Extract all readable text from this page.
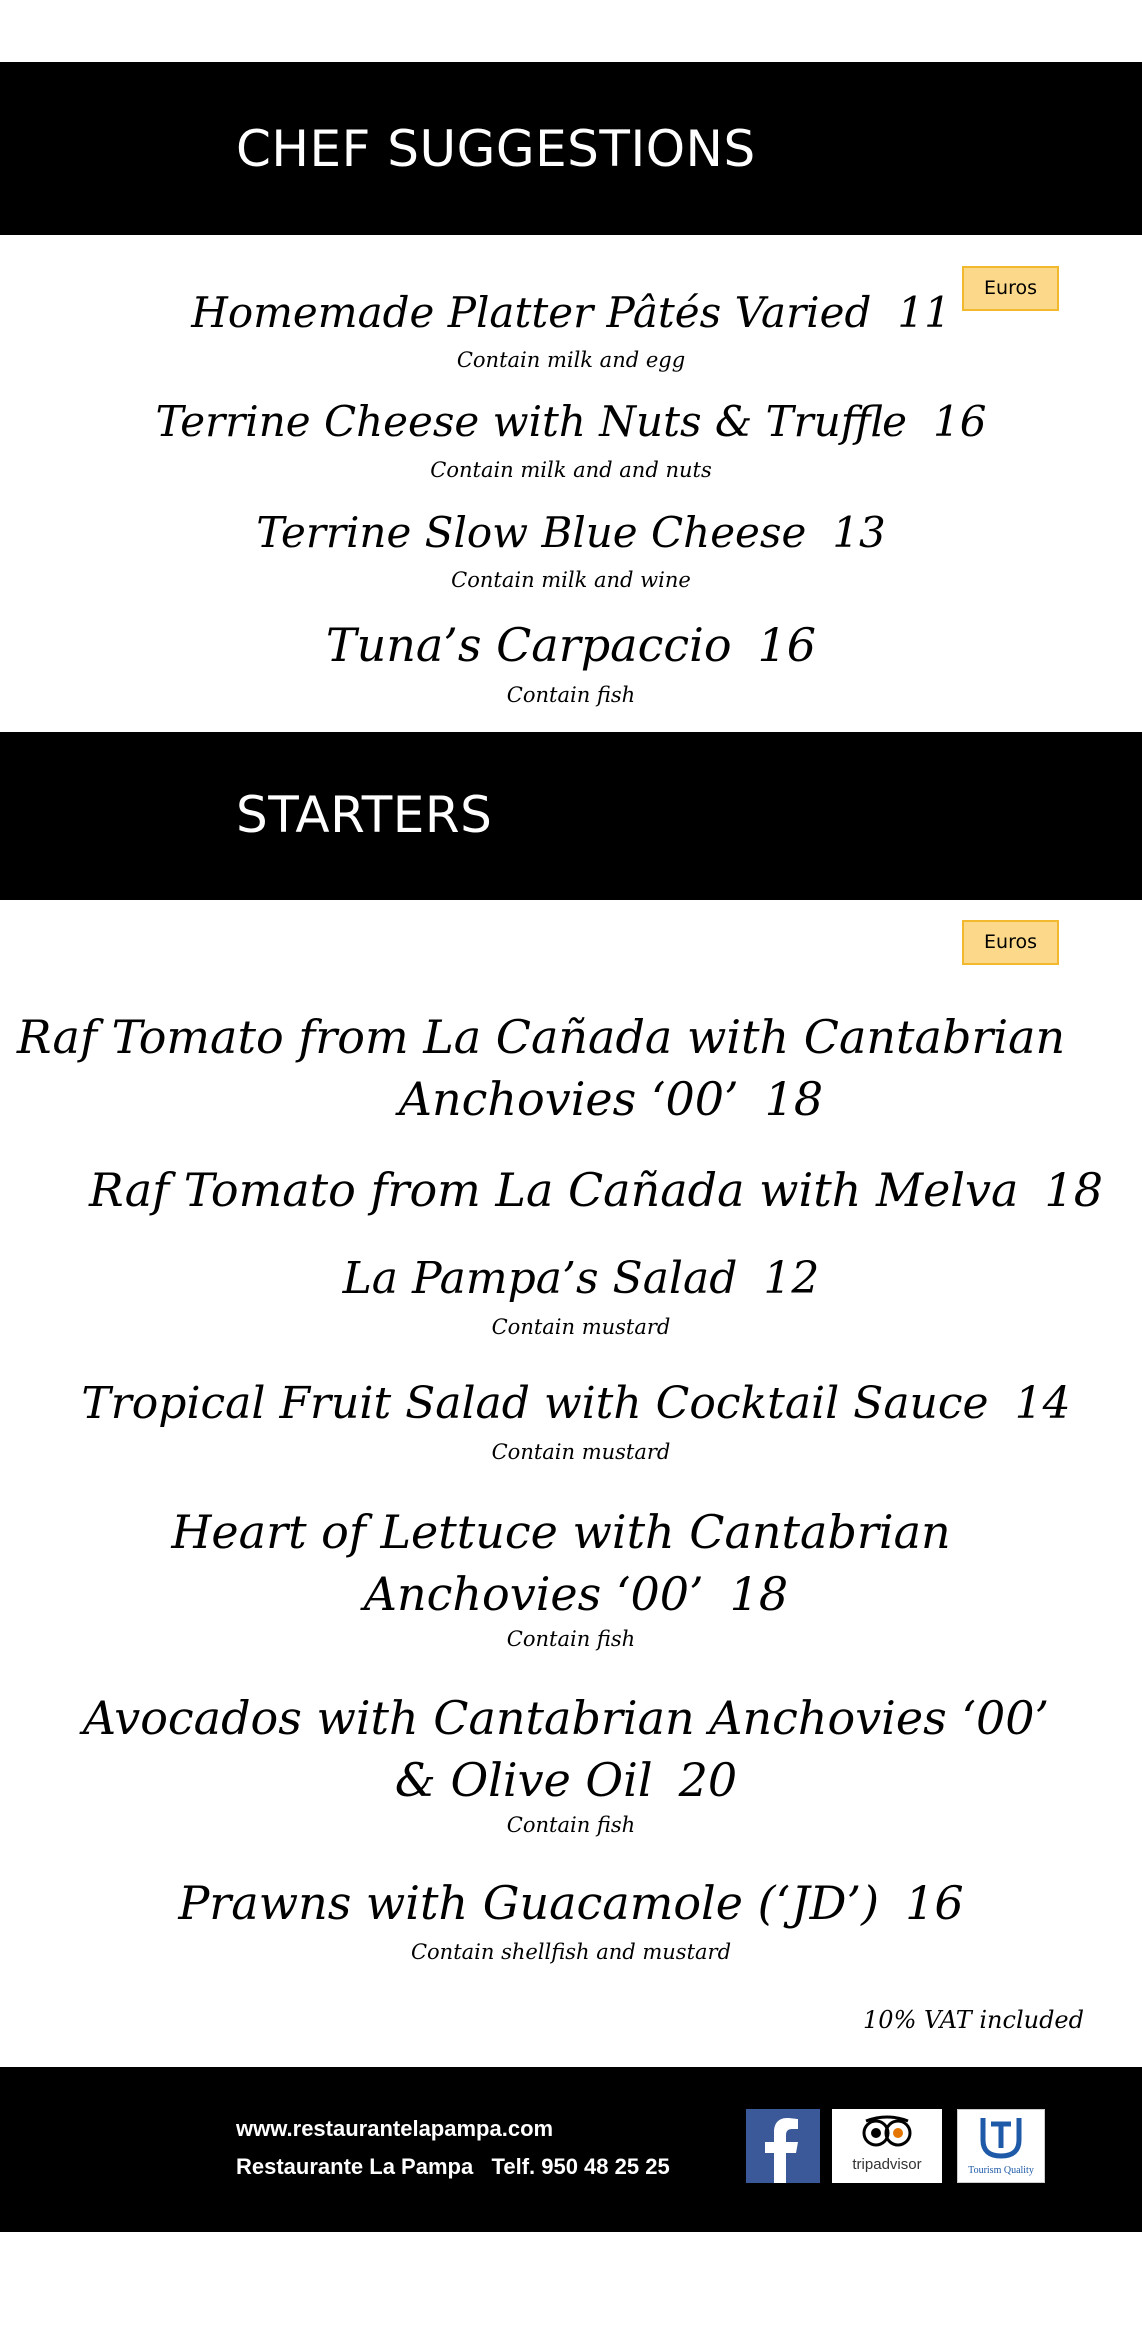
CHEF SUGGESTIONS
Euros
Homemade Platter Pâtés Varied 11
Contain milk and egg
Terrine Cheese with Nuts & Truffle 16
Contain milk and and nuts
Terrine Slow Blue Cheese 13
Contain milk and wine
Tuna’s Carpaccio 16
Contain fish
STARTERS
Euros
Raf Tomato from La Cañada with Cantabrian
Anchovies ‘00’ 18
Raf Tomato from La Cañada with Melva 18
La Pampa’s Salad 12
Contain mustard
Tropical Fruit Salad with Cocktail Sauce 14
Contain mustard
Heart of Lettuce with Cantabrian
Anchovies ‘00’ 18
Contain fish
Avocados with Cantabrian Anchovies ‘00’
& Olive Oil 20
Contain fish
Prawns with Guacamole (‘JD’) 16
Contain shellfish and mustard
10% VAT included
www.restaurantelapampa.com
Restaurante La Pampa   Telf. 950 48 25 25	tripadvisor	Tourism Quality
